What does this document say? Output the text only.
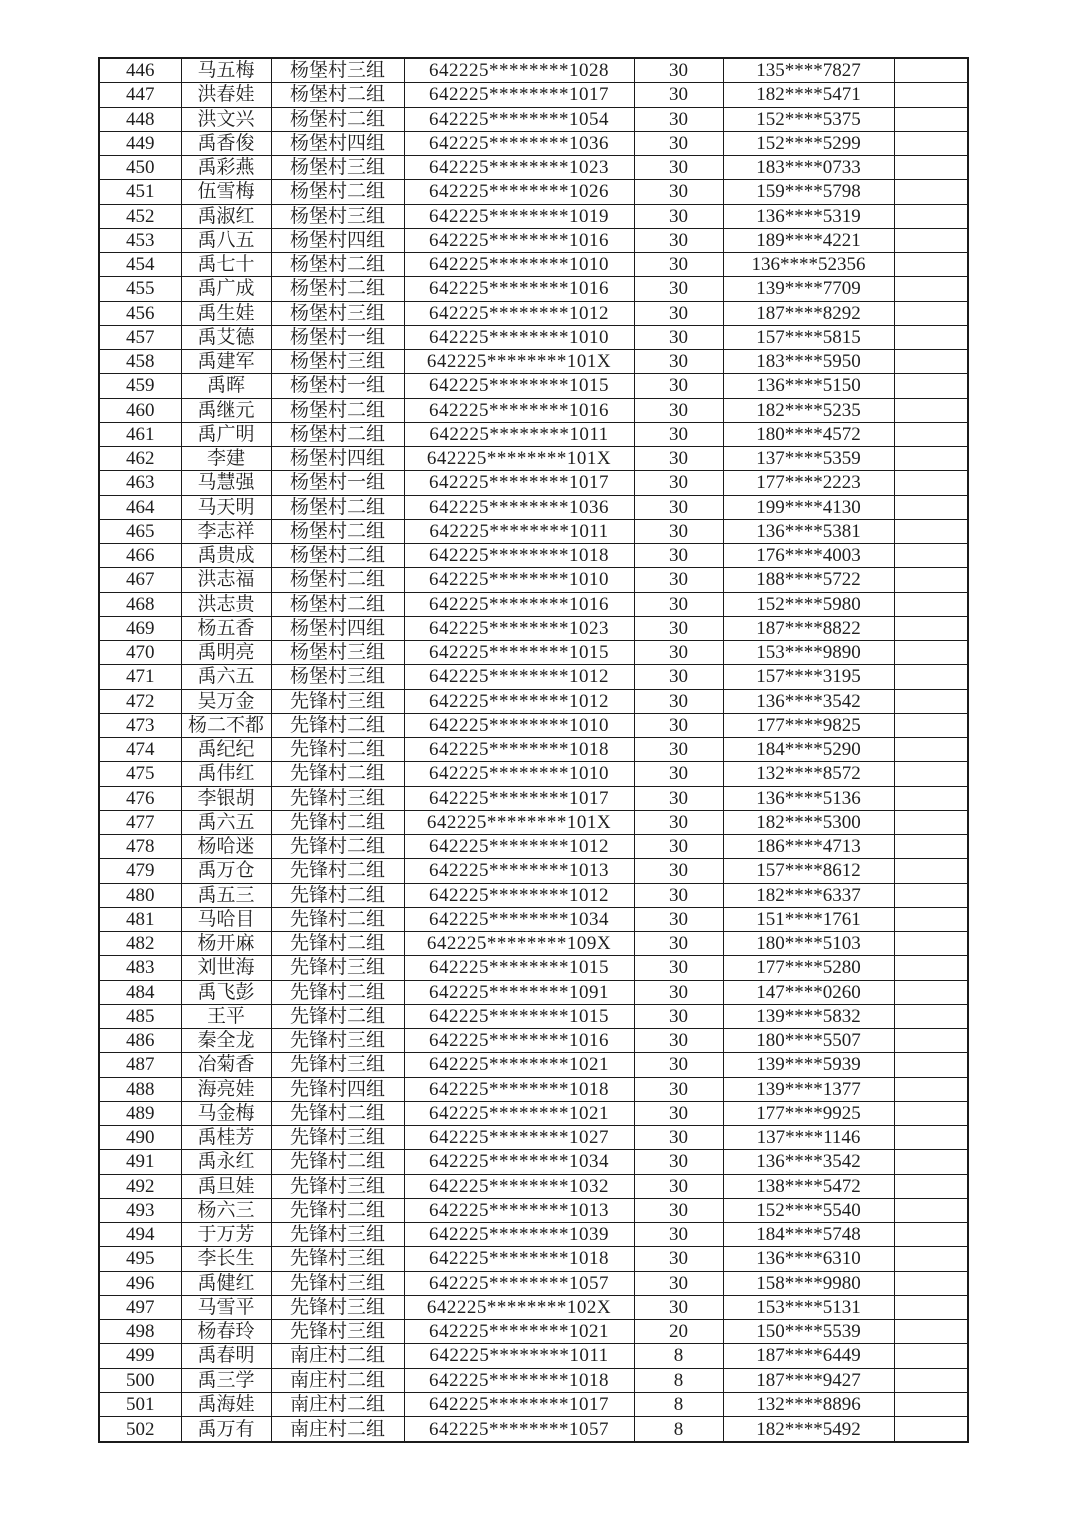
446	马五梅	杨堡村三组	642225********1028	30	135****7827	
447	洪春娃	杨堡村二组	642225********1017	30	182****5471	
448	洪文兴	杨堡村二组	642225********1054	30	152****5375	
449	禹香俊	杨堡村四组	642225********1036	30	152****5299	
450	禹彩燕	杨堡村三组	642225********1023	30	183****0733	
451	伍雪梅	杨堡村二组	642225********1026	30	159****5798	
452	禹淑红	杨堡村三组	642225********1019	30	136****5319	
453	禹八五	杨堡村四组	642225********1016	30	189****4221	
454	禹七十	杨堡村二组	642225********1010	30	136****52356	
455	禹广成	杨堡村二组	642225********1016	30	139****7709	
456	禹生娃	杨堡村三组	642225********1012	30	187****8292	
457	禹艾德	杨堡村一组	642225********1010	30	157****5815	
458	禹建军	杨堡村三组	642225********101X	30	183****5950	
459	禹晖	杨堡村一组	642225********1015	30	136****5150	
460	禹继元	杨堡村二组	642225********1016	30	182****5235	
461	禹广明	杨堡村二组	642225********1011	30	180****4572	
462	李建	杨堡村四组	642225********101X	30	137****5359	
463	马慧强	杨堡村一组	642225********1017	30	177****2223	
464	马天明	杨堡村二组	642225********1036	30	199****4130	
465	李志祥	杨堡村二组	642225********1011	30	136****5381	
466	禹贵成	杨堡村二组	642225********1018	30	176****4003	
467	洪志福	杨堡村二组	642225********1010	30	188****5722	
468	洪志贵	杨堡村二组	642225********1016	30	152****5980	
469	杨五香	杨堡村四组	642225********1023	30	187****8822	
470	禹明亮	杨堡村三组	642225********1015	30	153****9890	
471	禹六五	杨堡村三组	642225********1012	30	157****3195	
472	吴万金	先锋村三组	642225********1012	30	136****3542	
473	杨二不都	先锋村二组	642225********1010	30	177****9825	
474	禹纪纪	先锋村二组	642225********1018	30	184****5290	
475	禹伟红	先锋村二组	642225********1010	30	132****8572	
476	李银胡	先锋村三组	642225********1017	30	136****5136	
477	禹六五	先锋村二组	642225********101X	30	182****5300	
478	杨哈迷	先锋村二组	642225********1012	30	186****4713	
479	禹万仓	先锋村二组	642225********1013	30	157****8612	
480	禹五三	先锋村二组	642225********1012	30	182****6337	
481	马哈目	先锋村二组	642225********1034	30	151****1761	
482	杨开麻	先锋村二组	642225********109X	30	180****5103	
483	刘世海	先锋村三组	642225********1015	30	177****5280	
484	禹飞彭	先锋村二组	642225********1091	30	147****0260	
485	王平	先锋村二组	642225********1015	30	139****5832	
486	秦全龙	先锋村三组	642225********1016	30	180****5507	
487	冶菊香	先锋村三组	642225********1021	30	139****5939	
488	海亮娃	先锋村四组	642225********1018	30	139****1377	
489	马金梅	先锋村二组	642225********1021	30	177****9925	
490	禹桂芳	先锋村三组	642225********1027	30	137****1146	
491	禹永红	先锋村二组	642225********1034	30	136****3542	
492	禹旦娃	先锋村三组	642225********1032	30	138****5472	
493	杨六三	先锋村二组	642225********1013	30	152****5540	
494	于万芳	先锋村三组	642225********1039	30	184****5748	
495	李长生	先锋村三组	642225********1018	30	136****6310	
496	禹健红	先锋村三组	642225********1057	30	158****9980	
497	马雪平	先锋村三组	642225********102X	30	153****5131	
498	杨春玲	先锋村三组	642225********1021	20	150****5539	
499	禹春明	南庄村二组	642225********1011	8	187****6449	
500	禹三学	南庄村二组	642225********1018	8	187****9427	
501	禹海娃	南庄村二组	642225********1017	8	132****8896	
502	禹万有	南庄村二组	642225********1057	8	182****5492	
